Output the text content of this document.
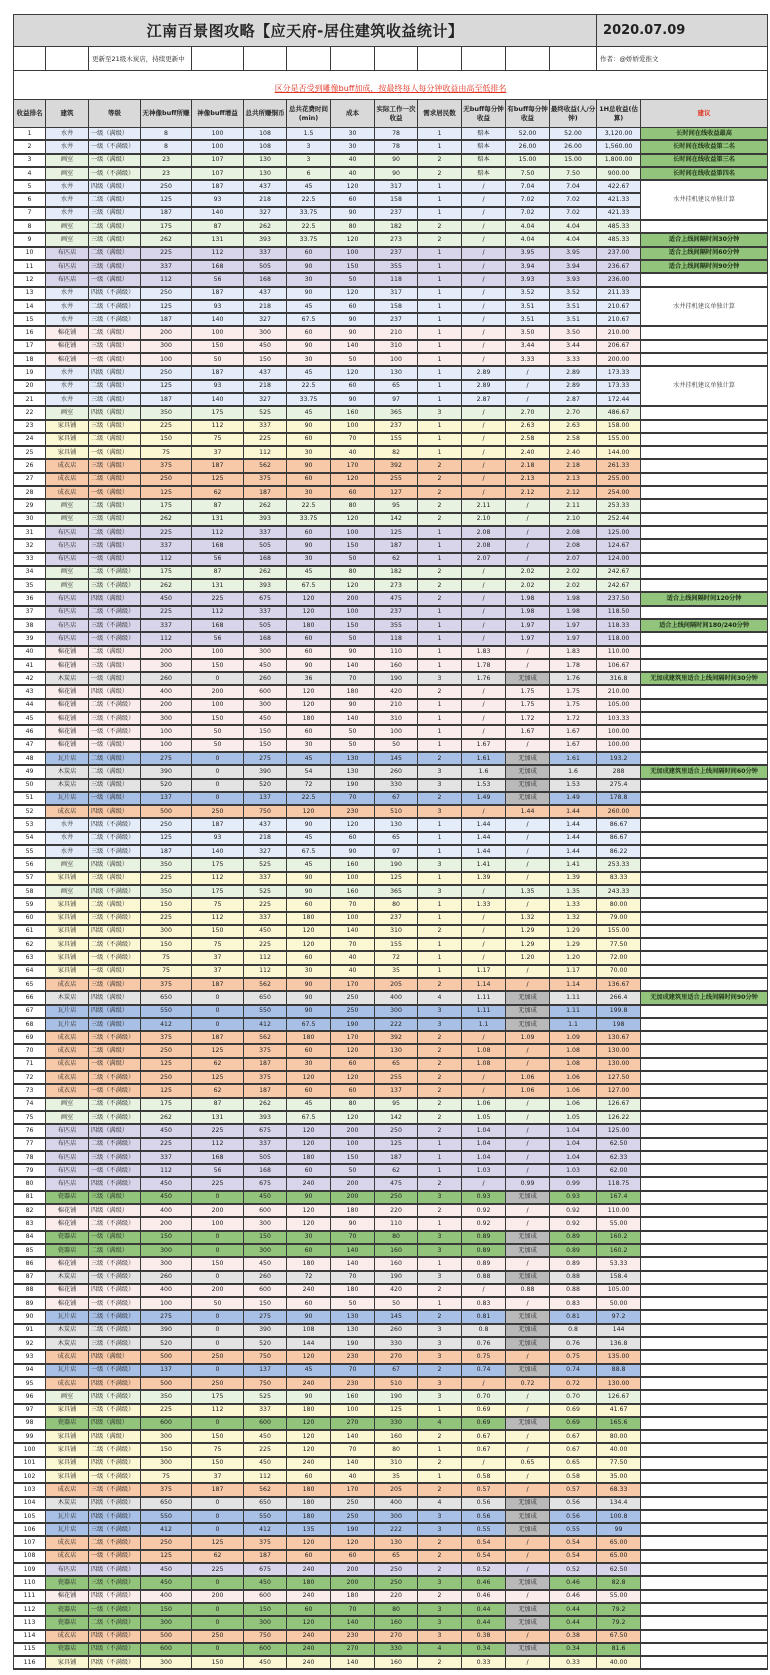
江南百景图攻略【应天府-居住建筑收益统计】													2020.07.09	
		更新至21级木炭店，持续更新中											作者：@娇娇爱推文	
区分是否受到雕像buff加成，按最终每人每分钟收益由高至低排名														
收益排名	建筑	等级	无神像buff所赚	神像buff增益	总共所赚铜币	总共花费时间(min)	成本	实际工作一次收益	需求居民数	无buff每分钟收益	有buff每分钟收益	最终收益(人/分钟)	1H总收益(估算)	建议
1	水井	一级（满级）	8	100	108	1.5	30	78	1	赔本	52.00	52.00	3,120.00	长时间在线收益最高
2	水井	一级（不满级）	8	100	108	3	30	78	1	赔本	26.00	26.00	1,560.00	长时间在线收益第二名
3	画室	一级（满级）	23	107	130	3	40	90	2	赔本	15.00	15.00	1,800.00	长时间在线收益第三名
4	画室	一级（不满级）	23	107	130	6	40	90	2	赔本	7.50	7.50	900.00	长时间在线收益第四名
5	水井	四级（满级）	250	187	437	45	120	317	1	/	7.04	7.04	422.67	水井挂机建议单独计算
6	水井	二级（满级）	125	93	218	22.5	60	158	1	/	7.02	7.02	421.33	
7	水井	三级（满级）	187	140	327	33.75	90	237	1	/	7.02	7.02	421.33	
8	画室	二级（满级）	175	87	262	22.5	80	182	2	/	4.04	4.04	485.33	
9	画室	三级（满级）	262	131	393	33.75	120	273	2	/	4.04	4.04	485.33	适合上线间隔时间30分钟
10	布匹店	二级（满级）	225	112	337	60	100	237	1	/	3.95	3.95	237.00	适合上线间隔时间60分钟
11	布匹店	三级（满级）	337	168	505	90	150	355	1	/	3.94	3.94	236.67	适合上线间隔时间90分钟
12	布匹店	一级（满级）	112	56	168	30	50	118	1	/	3.93	3.93	236.00	
13	水井	四级（不满级）	250	187	437	90	120	317	1	/	3.52	3.52	211.33	水井挂机建议单独计算
14	水井	二级（不满级）	125	93	218	45	60	158	1	/	3.51	3.51	210.67	
15	水井	三级（不满级）	187	140	327	67.5	90	237	1	/	3.51	3.51	210.67	
16	棉花铺	二级（满级）	200	100	300	60	90	210	1	/	3.50	3.50	210.00	
17	棉花铺	三级（满级）	300	150	450	90	140	310	1	/	3.44	3.44	206.67	
18	棉花铺	一级（满级）	100	50	150	30	50	100	1	/	3.33	3.33	200.00	
19	水井	四级（满级）	250	187	437	45	120	130	1	2.89	/	2.89	173.33	水井挂机建议单独计算
20	水井	二级（满级）	125	93	218	22.5	60	65	1	2.89	/	2.89	173.33	
21	水井	三级（满级）	187	140	327	33.75	90	97	1	2.87	/	2.87	172.44	
22	画室	四级（满级）	350	175	525	45	160	365	3	/	2.70	2.70	486.67	
23	家具铺	三级（满级）	225	112	337	90	100	237	1	/	2.63	2.63	158.00	
24	家具铺	二级（满级）	150	75	225	60	70	155	1	/	2.58	2.58	155.00	
25	家具铺	一级（满级）	75	37	112	30	40	82	1	/	2.40	2.40	144.00	
26	成衣店	三级（满级）	375	187	562	90	170	392	2	/	2.18	2.18	261.33	
27	成衣店	二级（满级）	250	125	375	60	120	255	2	/	2.13	2.13	255.00	
28	成衣店	一级（满级）	125	62	187	30	60	127	2	/	2.12	2.12	254.00	
29	画室	二级（满级）	175	87	262	22.5	80	95	2	2.11	/	2.11	253.33	
30	画室	三级（满级）	262	131	393	33.75	120	142	2	2.10	/	2.10	252.44	
31	布匹店	二级（满级）	225	112	337	60	100	125	1	2.08	/	2.08	125.00	
32	布匹店	三级（满级）	337	168	505	90	150	187	1	2.08	/	2.08	124.67	
33	布匹店	一级（满级）	112	56	168	30	50	62	1	2.07	/	2.07	124.00	
34	画室	二级（不满级）	175	87	262	45	80	182	2	/	2.02	2.02	242.67	
35	画室	三级（不满级）	262	131	393	67.5	120	273	2	/	2.02	2.02	242.67	
36	布匹店	四级（满级）	450	225	675	120	200	475	2	/	1.98	1.98	237.50	适合上线间隔时间120分钟
37	布匹店	二级（不满级）	225	112	337	120	100	237	1	/	1.98	1.98	118.50	
38	布匹店	三级（不满级）	337	168	505	180	150	355	1	/	1.97	1.97	118.33	适合上线间隔时间180/240分钟
39	布匹店	一级（不满级）	112	56	168	60	50	118	1	/	1.97	1.97	118.00	
40	棉花铺	二级（满级）	200	100	300	60	90	110	1	1.83	/	1.83	110.00	
41	棉花铺	三级（满级）	300	150	450	90	140	160	1	1.78	/	1.78	106.67	
42	木炭店	一级（满级）	260	0	260	36	70	190	3	1.76	无加成	1.76	316.8	无加成建筑里适合上线间隔时间30分钟
43	棉花铺	四级（满级）	400	200	600	120	180	420	2	/	1.75	1.75	210.00	
44	棉花铺	二级（不满级）	200	100	300	120	90	210	1	/	1.75	1.75	105.00	
45	棉花铺	三级（不满级）	300	150	450	180	140	310	1	/	1.72	1.72	103.33	
46	棉花铺	一级（不满级）	100	50	150	60	50	100	1	/	1.67	1.67	100.00	
47	棉花铺	一级（满级）	100	50	150	30	50	50	1	1.67	/	1.67	100.00	
48	瓦片店	二级（满级）	275	0	275	45	130	145	2	1.61	无加成	1.61	193.2	
49	木炭店	二级（满级）	390	0	390	54	130	260	3	1.6	无加成	1.6	288	无加成建筑里适合上线间隔时间60分钟
50	木炭店	三级（满级）	520	0	520	72	190	330	3	1.53	无加成	1.53	275.4	
51	瓦片店	一级（满级）	137	0	137	22.5	70	67	2	1.49	无加成	1.49	178.8	
52	成衣店	四级（满级）	500	250	750	120	230	510	3	/	1.44	1.44	260.00	
53	水井	四级（不满级）	250	187	437	90	120	130	1	1.44	/	1.44	86.67	
54	水井	二级（不满级）	125	93	218	45	60	65	1	1.44	/	1.44	86.67	
55	水井	三级（不满级）	187	140	327	67.5	90	97	1	1.44	/	1.44	86.22	
56	画室	四级（满级）	350	175	525	45	160	190	3	1.41	/	1.41	253.33	
57	家具铺	三级（满级）	225	112	337	90	100	125	1	1.39	/	1.39	83.33	
58	画室	四级（不满级）	350	175	525	90	160	365	3	/	1.35	1.35	243.33	
59	家具铺	二级（满级）	150	75	225	60	70	80	1	1.33	/	1.33	80.00	
60	家具铺	三级（不满级）	225	112	337	180	100	237	1	/	1.32	1.32	79.00	
61	家具铺	四级（满级）	300	150	450	120	140	310	2	/	1.29	1.29	155.00	
62	家具铺	二级（不满级）	150	75	225	120	70	155	1	/	1.29	1.29	77.50	
63	家具铺	一级（不满级）	75	37	112	60	40	72	1	/	1.20	1.20	72.00	
64	家具铺	一级（满级）	75	37	112	30	40	35	1	1.17	/	1.17	70.00	
65	成衣店	三级（满级）	375	187	562	90	170	205	2	1.14	/	1.14	136.67	
66	木炭店	四级（满级）	650	0	650	90	250	400	4	1.11	无加成	1.11	266.4	无加成建筑里适合上线间隔时间90分钟
67	瓦片店	四级（满级）	550	0	550	90	250	300	3	1.11	无加成	1.11	199.8	
68	瓦片店	三级（满级）	412	0	412	67.5	190	222	3	1.1	无加成	1.1	198	
69	成衣店	三级（不满级）	375	187	562	180	170	392	2	/	1.09	1.09	130.67	
70	成衣店	二级（满级）	250	125	375	60	120	130	2	1.08	/	1.08	130.00	
71	成衣店	一级（满级）	125	62	187	30	60	65	2	1.08	/	1.08	130.00	
72	成衣店	二级（不满级）	250	125	375	120	120	255	2	/	1.06	1.06	127.50	
73	成衣店	一级（不满级）	125	62	187	60	60	137	2	/	1.06	1.06	127.00	
74	画室	二级（不满级）	175	87	262	45	80	95	2	1.06	/	1.06	126.67	
75	画室	三级（不满级）	262	131	393	67.5	120	142	2	1.05	/	1.05	126.22	
76	布匹店	四级（满级）	450	225	675	120	200	250	2	1.04	/	1.04	125.00	
77	布匹店	二级（不满级）	225	112	337	120	100	125	1	1.04	/	1.04	62.50	
78	布匹店	三级（不满级）	337	168	505	180	150	187	1	1.04	/	1.04	62.33	
79	布匹店	一级（不满级）	112	56	168	60	50	62	1	1.03	/	1.03	62.00	
80	布匹店	四级（不满级）	450	225	675	240	200	475	2	/	0.99	0.99	118.75	
81	瓷器店	三级（满级）	450	0	450	90	200	250	3	0.93	无加成	0.93	167.4	
82	棉花铺	四级（满级）	400	200	600	120	180	220	2	0.92	/	0.92	110.00	
83	棉花铺	二级（不满级）	200	100	300	120	90	110	1	0.92	/	0.92	55.00	
84	瓷器店	一级（满级）	150	0	150	30	70	80	3	0.89	无加成	0.89	160.2	
85	瓷器店	二级（满级）	300	0	300	60	140	160	3	0.89	无加成	0.89	160.2	
86	棉花铺	三级（不满级）	300	150	450	180	140	160	1	0.89	/	0.89	53.33	
87	木炭店	一级（不满级）	260	0	260	72	70	190	3	0.88	无加成	0.88	158.4	
88	棉花铺	四级（不满级）	400	200	600	240	180	420	2	/	0.88	0.88	105.00	
89	棉花铺	一级（不满级）	100	50	150	60	50	50	1	0.83	/	0.83	50.00	
90	瓦片店	二级（不满级）	275	0	275	90	130	145	2	0.81	无加成	0.81	97.2	
91	木炭店	二级（不满级）	390	0	390	108	130	260	3	0.8	无加成	0.8	144	
92	木炭店	三级（不满级）	520	0	520	144	190	330	3	0.76	无加成	0.76	136.8	
93	成衣店	四级（满级）	500	250	750	120	230	270	3	0.75	/	0.75	135.00	
94	瓦片店	一级（不满级）	137	0	137	45	70	67	2	0.74	无加成	0.74	88.8	
95	成衣店	四级（不满级）	500	250	750	240	230	510	3	/	0.72	0.72	130.00	
96	画室	四级（不满级）	350	175	525	90	160	190	3	0.70	/	0.70	126.67	
97	家具铺	三级（不满级）	225	112	337	180	100	125	1	0.69	/	0.69	41.67	
98	瓷器店	四级（满级）	600	0	600	120	270	330	4	0.69	无加成	0.69	165.6	
99	家具铺	四级（满级）	300	150	450	120	140	160	2	0.67	/	0.67	80.00	
100	家具铺	二级（不满级）	150	75	225	120	70	80	1	0.67	/	0.67	40.00	
101	家具铺	四级（不满级）	300	150	450	240	140	310	2	/	0.65	0.65	77.50	
102	家具铺	一级（不满级）	75	37	112	60	40	35	1	0.58	/	0.58	35.00	
103	成衣店	三级（不满级）	375	187	562	180	170	205	2	0.57	/	0.57	68.33	
104	木炭店	四级（不满级）	650	0	650	180	250	400	4	0.56	无加成	0.56	134.4	
105	瓦片店	四级（不满级）	550	0	550	180	250	300	3	0.56	无加成	0.56	100.8	
106	瓦片店	三级（不满级）	412	0	412	135	190	222	3	0.55	无加成	0.55	99	
107	成衣店	二级（不满级）	250	125	375	120	120	130	2	0.54	/	0.54	65.00	
108	成衣店	一级（不满级）	125	62	187	60	60	65	2	0.54	/	0.54	65.00	
109	布匹店	四级（不满级）	450	225	675	240	200	250	2	0.52	/	0.52	62.50	
110	瓷器店	三级（不满级）	450	0	450	180	200	250	3	0.46	无加成	0.46	82.8	
111	棉花铺	四级（不满级）	400	200	600	240	180	220	2	0.46	/	0.46	55.00	
112	瓷器店	一级（不满级）	150	0	150	60	70	80	3	0.44	无加成	0.44	79.2	
113	瓷器店	二级（不满级）	300	0	300	120	140	160	3	0.44	无加成	0.44	79.2	
114	成衣店	四级（不满级）	500	250	750	240	230	270	3	0.38	/	0.38	67.50	
115	瓷器店	四级（不满级）	600	0	600	240	270	330	4	0.34	无加成	0.34	81.6	
116	家具铺	四级（不满级）	300	150	450	240	140	160	2	0.33	/	0.33	40.00	
